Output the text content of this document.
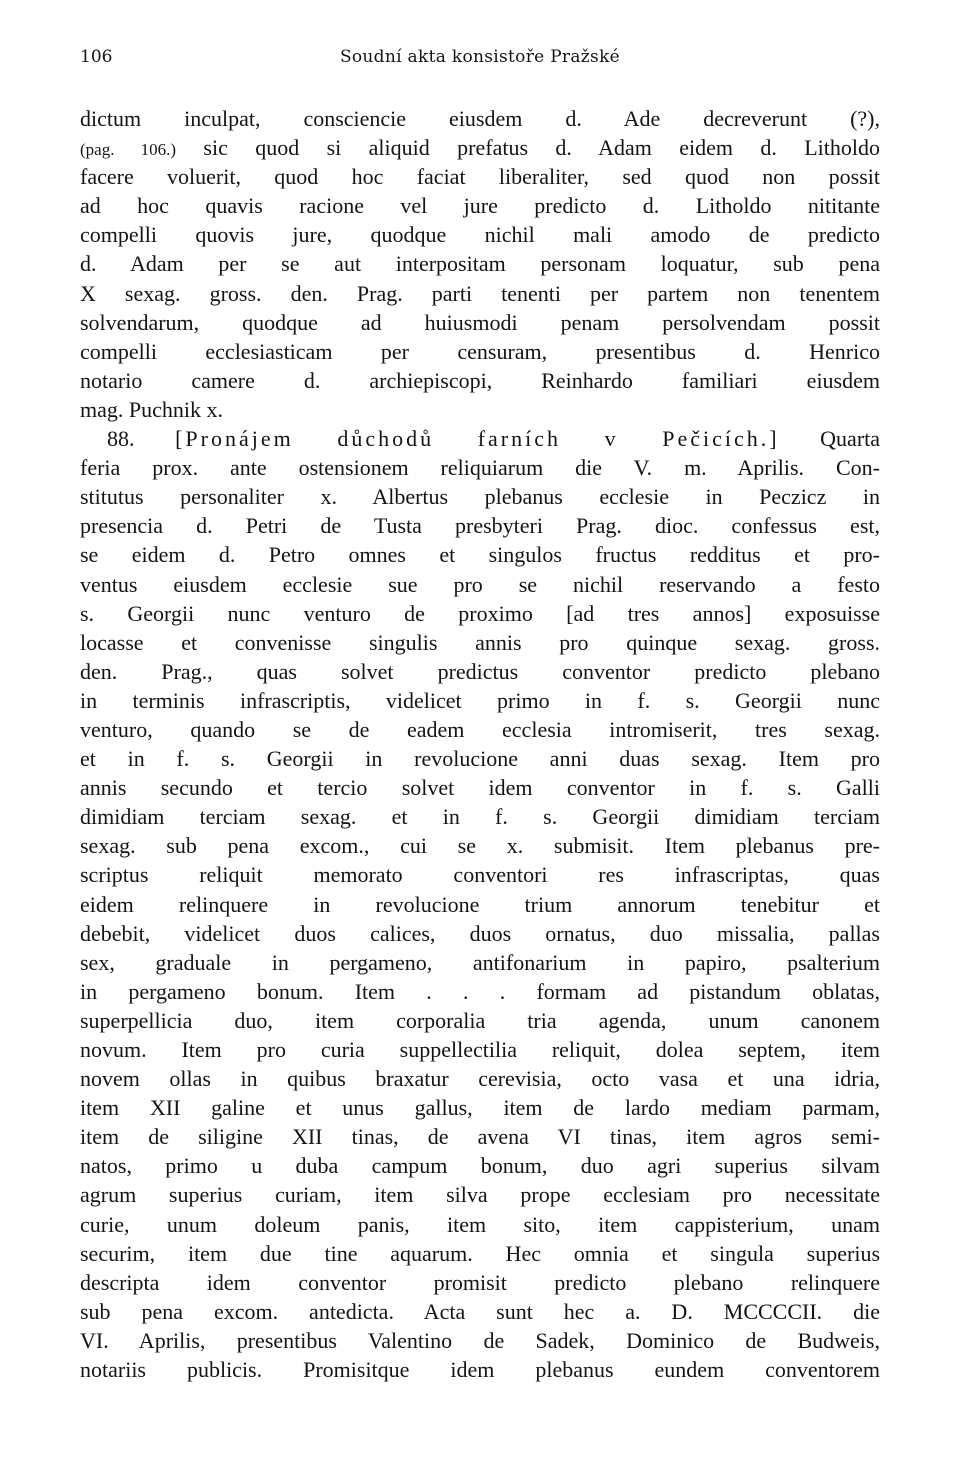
106	Soudní akta konsistoře Pražské
dictum inculpat, consciencie eiusdem d. Ade decreverunt (?),
(pag. 106.) sic quod si aliquid prefatus d. Adam eidem d. Litholdo
facere voluerit, quod hoc faciat liberaliter, sed quod non possit
ad hoc quavis racione vel jure predicto d. Litholdo nititante
compelli quovis jure, quodque nichil mali amodo de predicto
d. Adam per se aut interpositam personam loquatur, sub pena
X sexag. gross. den. Prag. parti tenenti per partem non tenentem
solvendarum, quodque ad huiusmodi penam persolvendam possit
compelli ecclesiasticam per censuram, presentibus d. Henrico
notario camere d. archiepiscopi, Reinhardo familiari eiusdem
mag. Puchnik x.
88. [Pronájem důchodů farních v Pečicích.] Quarta
feria prox. ante ostensionem reliquiarum die V. m. Aprilis. Con-
stitutus personaliter x. Albertus plebanus ecclesie in Peczicz in
presencia d. Petri de Tusta presbyteri Prag. dioc. confessus est,
se eidem d. Petro omnes et singulos fructus redditus et pro-
ventus eiusdem ecclesie sue pro se nichil reservando a festo
s. Georgii nunc venturo de proximo [ad tres annos] exposuisse
locasse et convenisse singulis annis pro quinque sexag. gross.
den. Prag., quas solvet predictus conventor predicto plebano
in terminis infrascriptis, videlicet primo in f. s. Georgii nunc
venturo, quando se de eadem ecclesia intromiserit, tres sexag.
et in f. s. Georgii in revolucione anni duas sexag. Item pro
annis secundo et tercio solvet idem conventor in f. s. Galli
dimidiam terciam sexag. et in f. s. Georgii dimidiam terciam
sexag. sub pena excom., cui se x. submisit. Item plebanus pre-
scriptus reliquit memorato conventori res infrascriptas, quas
eidem relinquere in revolucione trium annorum tenebitur et
debebit, videlicet duos calices, duos ornatus, duo missalia, pallas
sex, graduale in pergameno, antifonarium in papiro, psalterium
in pergameno bonum. Item . . . formam ad pistandum oblatas,
superpellicia duo, item corporalia tria agenda, unum canonem
novum. Item pro curia suppellectilia reliquit, dolea septem, item
novem ollas in quibus braxatur cerevisia, octo vasa et una idria,
item XII galine et unus gallus, item de lardo mediam parmam,
item de siligine XII tinas, de avena VI tinas, item agros semi-
natos, primo u duba campum bonum, duo agri superius silvam
agrum superius curiam, item silva prope ecclesiam pro necessitate
curie, unum doleum panis, item sito, item cappisterium, unam
securim, item due tine aquarum. Hec omnia et singula superius
descripta idem conventor promisit predicto plebano relinquere
sub pena excom. antedicta. Acta sunt hec a. D. MCCCCII. die
VI. Aprilis, presentibus Valentino de Sadek, Dominico de Budweis,
notariis publicis. Promisitque idem plebanus eundem conventorem
